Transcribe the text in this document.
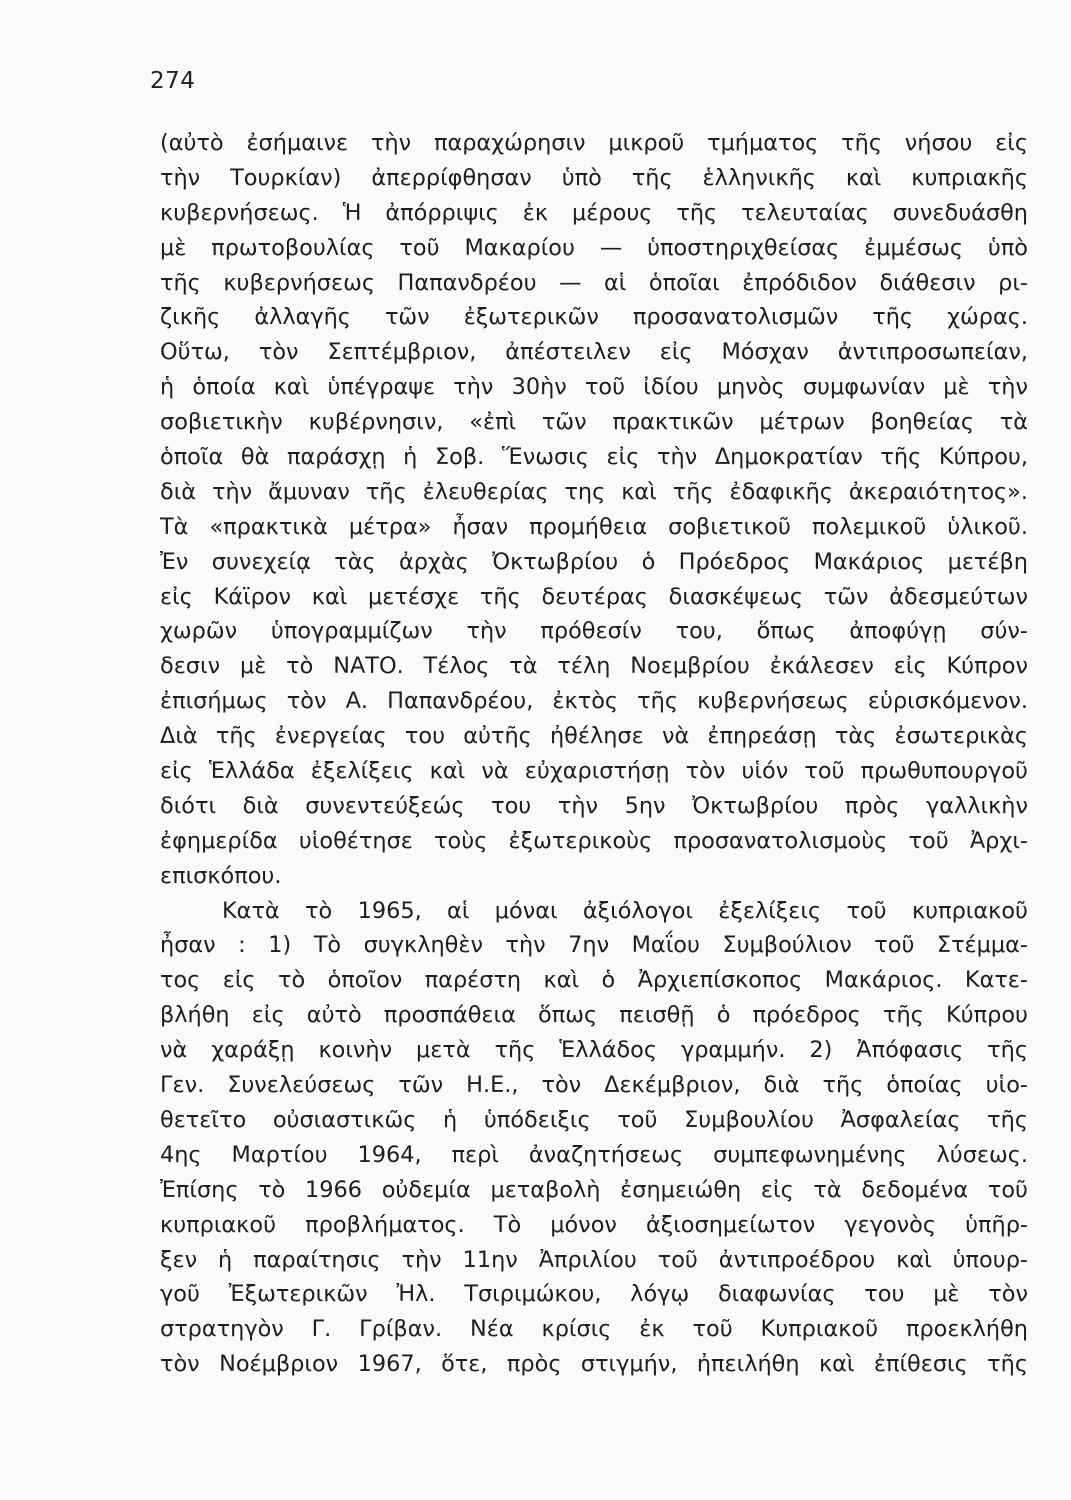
274
(αὐτὸ ἐσήμαινε τὴν παραχώρησιν μικροῦ τμήματος τῆς νήσου εἰς
τὴν Τουρκίαν) ἀπερρίφθησαν ὑπὸ τῆς ἑλληνικῆς καὶ κυπριακῆς
κυβερνήσεως. Ἡ ἀπόρριψις ἐκ μέρους τῆς τελευταίας συνεδυάσθη
μὲ πρωτοβουλίας τοῦ Μακαρίου — ὑποστηριχθείσας ἐμμέσως ὑπὸ
τῆς κυβερνήσεως Παπανδρέου — αἱ ὁποῖαι ἐπρόδιδον διάθεσιν ρι-
ζικῆς ἀλλαγῆς τῶν ἐξωτερικῶν προσανατολισμῶν τῆς χώρας.
Οὕτω, τὸν Σεπτέμβριον, ἀπέστειλεν εἰς Μόσχαν ἀντιπροσωπείαν,
ἡ ὁποία καὶ ὑπέγραψε τὴν 30ὴν τοῦ ἰδίου μηνὸς συμφωνίαν μὲ τὴν
σοβιετικὴν κυβέρνησιν, «ἐπὶ τῶν πρακτικῶν μέτρων βοηθείας τὰ
ὁποῖα θὰ παράσχῃ ἡ Σοβ. Ἕνωσις εἰς τὴν Δημοκρατίαν τῆς Κύπρου,
διὰ τὴν ἄμυναν τῆς ἐλευθερίας της καὶ τῆς ἐδαφικῆς ἀκεραιότητος».
Τὰ «πρακτικὰ μέτρα» ἦσαν προμήθεια σοβιετικοῦ πολεμικοῦ ὑλικοῦ.
Ἐν συνεχείᾳ τὰς ἀρχὰς Ὀκτωβρίου ὁ Πρόεδρος Μακάριος μετέβη
εἰς Κάϊρον καὶ μετέσχε τῆς δευτέρας διασκέψεως τῶν ἀδεσμεύτων
χωρῶν ὑπογραμμίζων τὴν πρόθεσίν του, ὅπως ἀποφύγῃ σύν-
δεσιν μὲ τὸ ΝΑΤΟ. Τέλος τὰ τέλη Νοεμβρίου ἐκάλεσεν εἰς Κύπρον
ἐπισήμως τὸν Α. Παπανδρέου, ἐκτὸς τῆς κυβερνήσεως εὑρισκόμενον.
Διὰ τῆς ἐνεργείας του αὐτῆς ἠθέλησε νὰ ἐπηρεάσῃ τὰς ἐσωτερικὰς
εἰς Ἑλλάδα ἐξελίξεις καὶ νὰ εὐχαριστήσῃ τὸν υἱόν τοῦ πρωθυπουργοῦ
διότι διὰ συνεντεύξεώς του τὴν 5ην Ὀκτωβρίου πρὸς γαλλικὴν
ἐφημερίδα υἱοθέτησε τοὺς ἐξωτερικοὺς προσανατολισμοὺς τοῦ Ἀρχι-
επισκόπου.
Κατὰ τὸ 1965, αἱ μόναι ἀξιόλογοι ἐξελίξεις τοῦ κυπριακοῦ
ἦσαν : 1) Τὸ συγκληθὲν τὴν 7ην Μαΐου Συμβούλιον τοῦ Στέμμα-
τος εἰς τὸ ὁποῖον παρέστη καὶ ὁ Ἀρχιεπίσκοπος Μακάριος. Κατε-
βλήθη εἰς αὐτὸ προσπάθεια ὅπως πεισθῇ ὁ πρόεδρος τῆς Κύπρου
νὰ χαράξῃ κοινὴν μετὰ τῆς Ἑλλάδος γραμμήν. 2) Ἀπόφασις τῆς
Γεν. Συνελεύσεως τῶν Η.Ε., τὸν Δεκέμβριον, διὰ τῆς ὁποίας υἱο-
θετεῖτο οὐσιαστικῶς ἡ ὑπόδειξις τοῦ Συμβουλίου Ἀσφαλείας τῆς
4ης Μαρτίου 1964, περὶ ἀναζητήσεως συμπεφωνημένης λύσεως.
Ἐπίσης τὸ 1966 οὐδεμία μεταβολὴ ἐσημειώθη εἰς τὰ δεδομένα τοῦ
κυπριακοῦ προβλήματος. Τὸ μόνον ἀξιοσημείωτον γεγονὸς ὑπῆρ-
ξεν ἡ παραίτησις τὴν 11ην Ἀπριλίου τοῦ ἀντιπροέδρου καὶ ὑπουρ-
γοῦ Ἐξωτερικῶν Ἠλ. Τσιριμώκου, λόγῳ διαφωνίας του μὲ τὸν
στρατηγὸν Γ. Γρίβαν. Νέα κρίσις ἐκ τοῦ Κυπριακοῦ προεκλήθη
τὸν Νοέμβριον 1967, ὅτε, πρὸς στιγμήν, ἠπειλήθη καὶ ἐπίθεσις τῆς
